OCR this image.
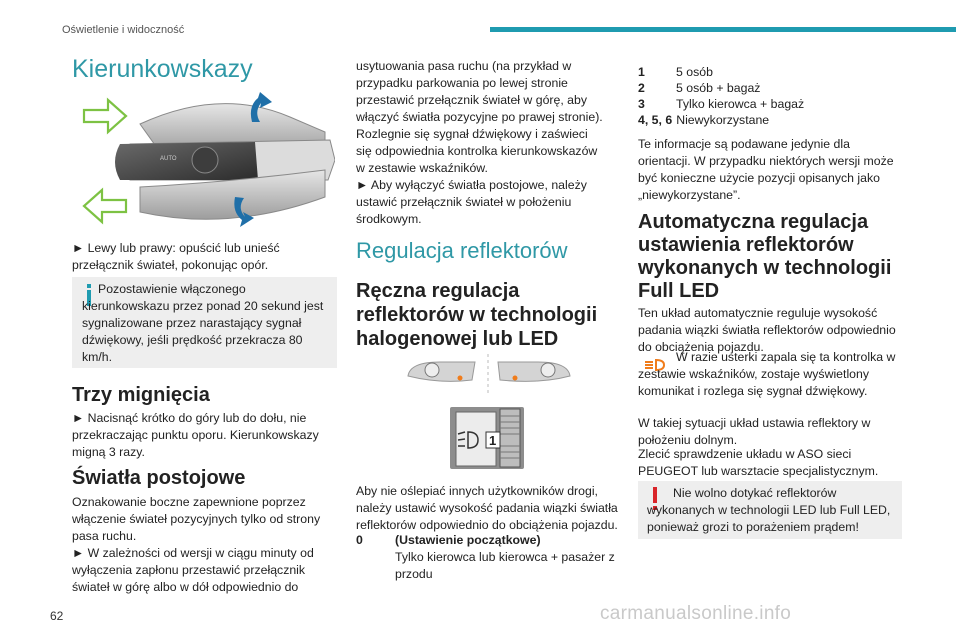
Oświetlenie i widoczność
Kierunkowskazy
AUTO
► Lewy lub prawy: opuścić lub unieść przełącznik świateł, pokonując opór.
Pozostawienie włączonego kierunkowskazu przez ponad 20 sekund jest sygnalizowane przez narastający sygnał dźwiękowy, jeśli prędkość przekracza 80 km/h.
Trzy mignięcia
► Nacisnąć krótko do góry lub do dołu, nie przekraczając punktu oporu. Kierunkowskazy migną 3 razy.
Światła postojowe
Oznakowanie boczne zapewnione poprzez włączenie świateł pozycyjnych tylko od strony pasa ruchu.
► W zależności od wersji w ciągu minuty od wyłączenia zapłonu przestawić przełącznik świateł w górę albo w dół odpowiednio do
usytuowania pasa ruchu (na przykład w przypadku parkowania po lewej stronie przestawić przełącznik świateł w górę, aby włączyć światła pozycyjne po prawej stronie). Rozlegnie się sygnał dźwiękowy i zaświeci się odpowiednia kontrolka kierunkowskazów w zestawie wskaźników.
► Aby wyłączyć światła postojowe, należy ustawić przełącznik świateł w położeniu środkowym.
Regulacja reflektorów
Ręczna regulacja reflektorów w technologii halogenowej lub LED
1
Aby nie oślepiać innych użytkowników drogi, należy ustawić wysokość padania wiązki światła reflektorów odpowiednio do obciążenia pojazdu.
0	(Ustawienie początkowe)
Tylko kierowca lub kierowca + pasażer z przodu
1	5 osób
2	5 osób + bagaż
3	Tylko kierowca + bagaż
4, 5, 6 Niewykorzystane
Te informacje są podawane jedynie dla orientacji. W przypadku niektórych wersji może być konieczne użycie pozycji opisanych jako „niewykorzystane”.
Automatyczna regulacja ustawienia reflektorów wykonanych w technologii Full LED
Ten układ automatycznie reguluje wysokość padania wiązki światła reflektorów odpowiednio do obciążenia pojazdu.
W razie usterki zapala się ta kontrolka w zestawie wskaźników, zostaje wyświetlony komunikat i rozlega się sygnał dźwiękowy.
W takiej sytuacji układ ustawia reflektory w położeniu dolnym.
Zlecić sprawdzenie układu w ASO sieci PEUGEOT lub warsztacie specjalistycznym.
Nie wolno dotykać reflektorów wykonanych w technologii LED lub Full LED, ponieważ grozi to porażeniem prądem!
62	carmanualsonline.info
